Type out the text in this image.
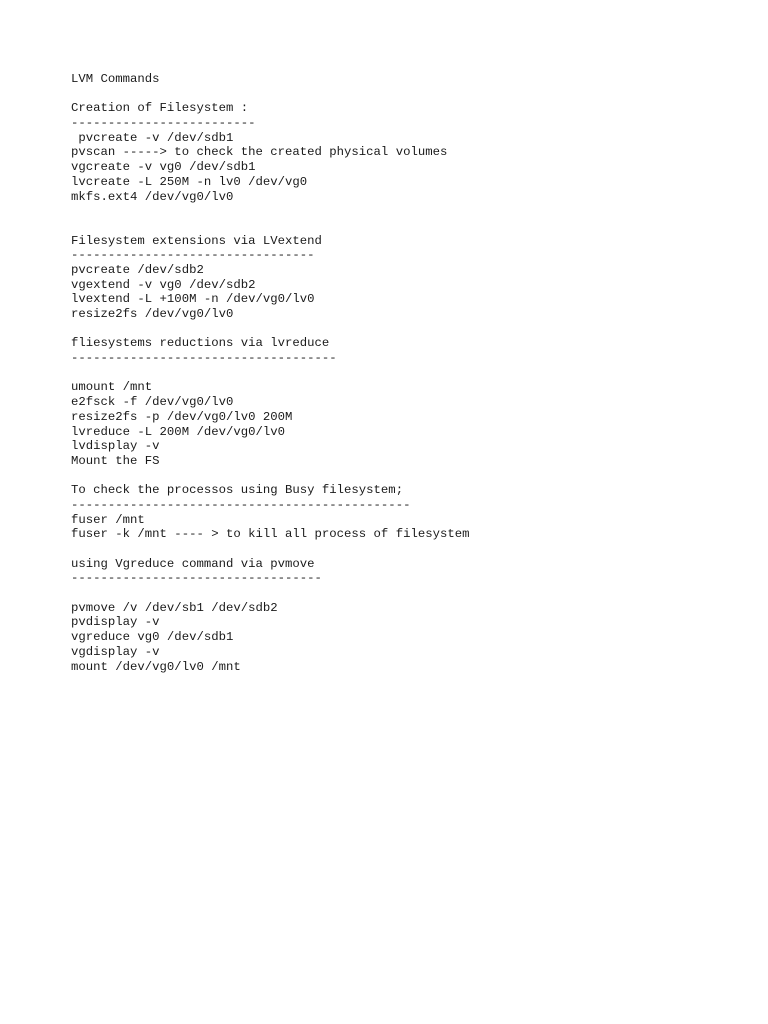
LVM Commands
Creation of Filesystem :
-------------------------
pvcreate -v /dev/sdb1
pvscan -----> to check the created physical volumes
vgcreate -v vg0 /dev/sdb1
lvcreate -L 250M -n lv0 /dev/vg0
mkfs.ext4 /dev/vg0/lv0
Filesystem extensions via LVextend
---------------------------------
pvcreate /dev/sdb2
vgextend -v vg0 /dev/sdb2
lvextend -L +100M -n /dev/vg0/lv0
resize2fs /dev/vg0/lv0
fliesystems reductions via lvreduce
------------------------------------
umount /mnt
e2fsck -f /dev/vg0/lv0
resize2fs -p /dev/vg0/lv0 200M
lvreduce -L 200M /dev/vg0/lv0
lvdisplay -v
Mount the FS
To check the processos using Busy filesystem;
----------------------------------------------
fuser /mnt
fuser -k /mnt ---- > to kill all process of filesystem
using Vgreduce command via pvmove
----------------------------------
pvmove /v /dev/sb1 /dev/sdb2
pvdisplay -v
vgreduce vg0 /dev/sdb1
vgdisplay -v
mount /dev/vg0/lv0 /mnt
